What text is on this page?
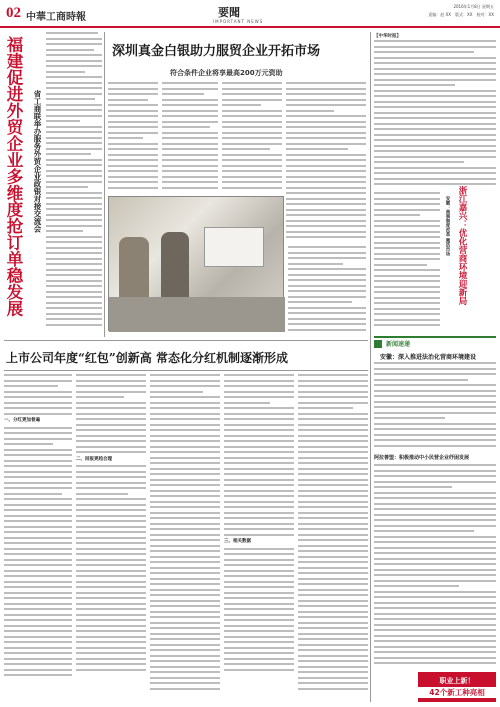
02 中華工商時報	要聞
IMPORTANT NEWS
2016年1月8日 星期五
责编：赵 XX　版式：XX　校对：XX
福建促进外贸企业多维度抢订单稳发展 省工商联举办服务外贸企业政银对接交流会
深圳真金白银助力服贸企业开拓市场
符合条件企业将享最高200万元资助
【中华时报】
浙江嘉兴：优化营商环境迎新局
安徽：商事制度改革 激活市场
新闻速递
安徽：深入推进法治化营商环境建设
阿拉善盟：积极推动中小民营企业纾困发展
职业上新！
42个新工种亮相
上市公司年度“红包”创新高 常态化分红机制逐渐形成
一、分红更加普遍
二、回报更趋合理
三、相关数据
